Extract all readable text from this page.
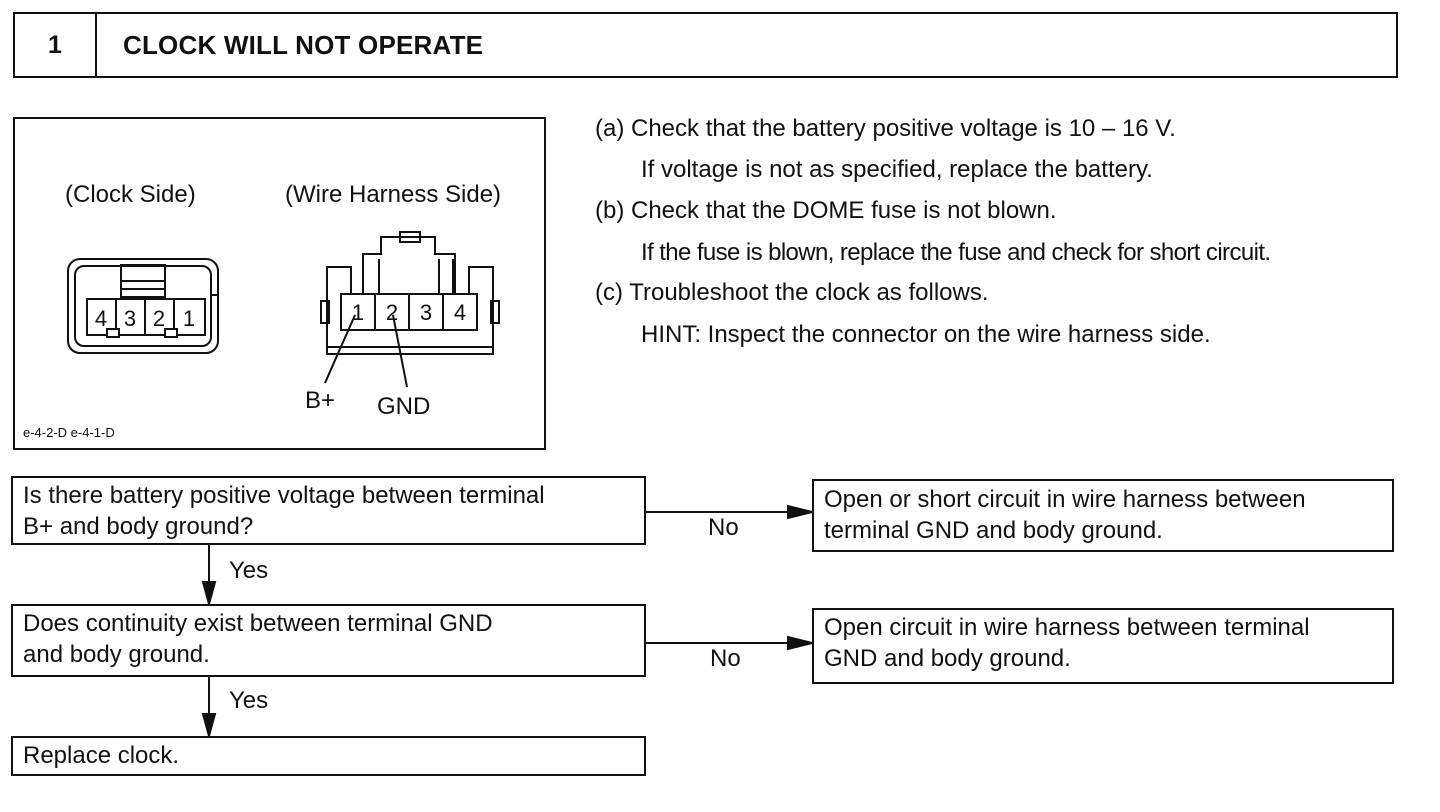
1	CLOCK WILL NOT OPERATE
(Clock Side)	(Wire Harness Side)
4 3 2 1	1 2 3 4
B+ GND
e-4-2-D e-4-1-D
(a) Check that the battery positive voltage is 10 – 16 V.
If voltage is not as specified, replace the battery.
(b) Check that the DOME fuse is not blown.
If the fuse is blown, replace the fuse and check for short circuit.
(c) Troubleshoot the clock as follows.
HINT: Inspect the connector on the wire harness side.
Is there battery positive voltage between terminal
B+ and body ground?
Open or short circuit in wire harness between
terminal GND and body ground.
Does continuity exist between terminal GND
and body ground.
Open circuit in wire harness between terminal
GND and body ground.
Replace clock.
No
No
Yes
Yes
